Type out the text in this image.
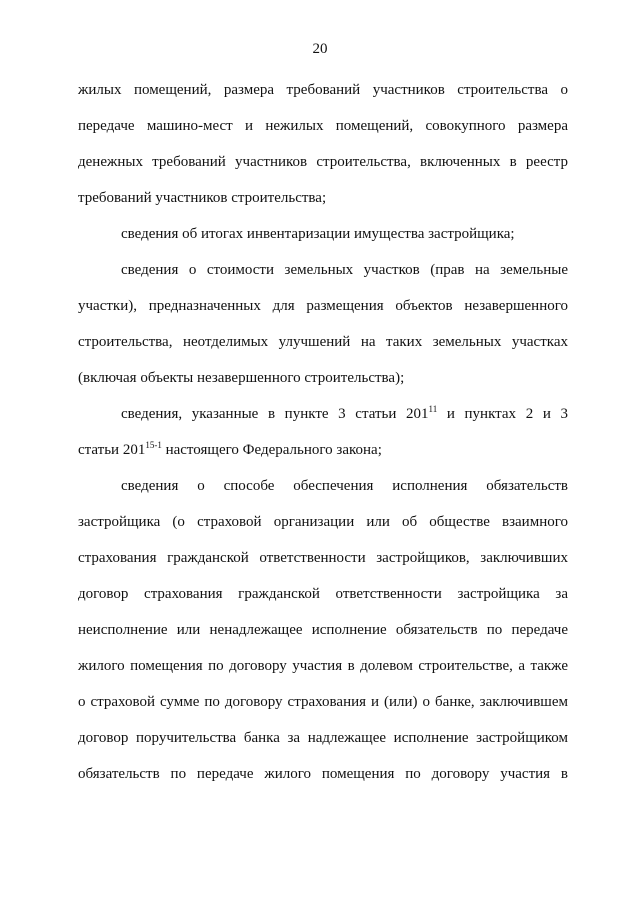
20
жилых помещений, размера требований участников строительства о
передаче машино-мест и нежилых помещений, совокупного размера
денежных требований участников строительства, включенных в реестр
требований участников строительства;
сведения об итогах инвентаризации имущества застройщика;
сведения о стоимости земельных участков (прав на земельные
участки), предназначенных для размещения объектов незавершенного
строительства, неотделимых улучшений на таких земельных участках
(включая объекты незавершенного строительства);
сведения, указанные в пункте 3 статьи $201^{11}$ и пунктах 2 и 3
статьи 201$^{15-1}$ настоящего Федерального закона;
сведения о способе обеспечения исполнения обязательств
застройщика (о страховой организации или об обществе взаимного
страхования гражданской ответственности застройщиков, заключивших
договор страхования гражданской ответственности застройщика за
неисполнение или ненадлежащее исполнение обязательств по передаче
жилого помещения по договору участия в долевом строительстве, а также
о страховой сумме по договору страхования и (или) о банке, заключившем
договор поручительства банка за надлежащее исполнение застройщиком
обязательств по передаче жилого помещения по договору участия в
